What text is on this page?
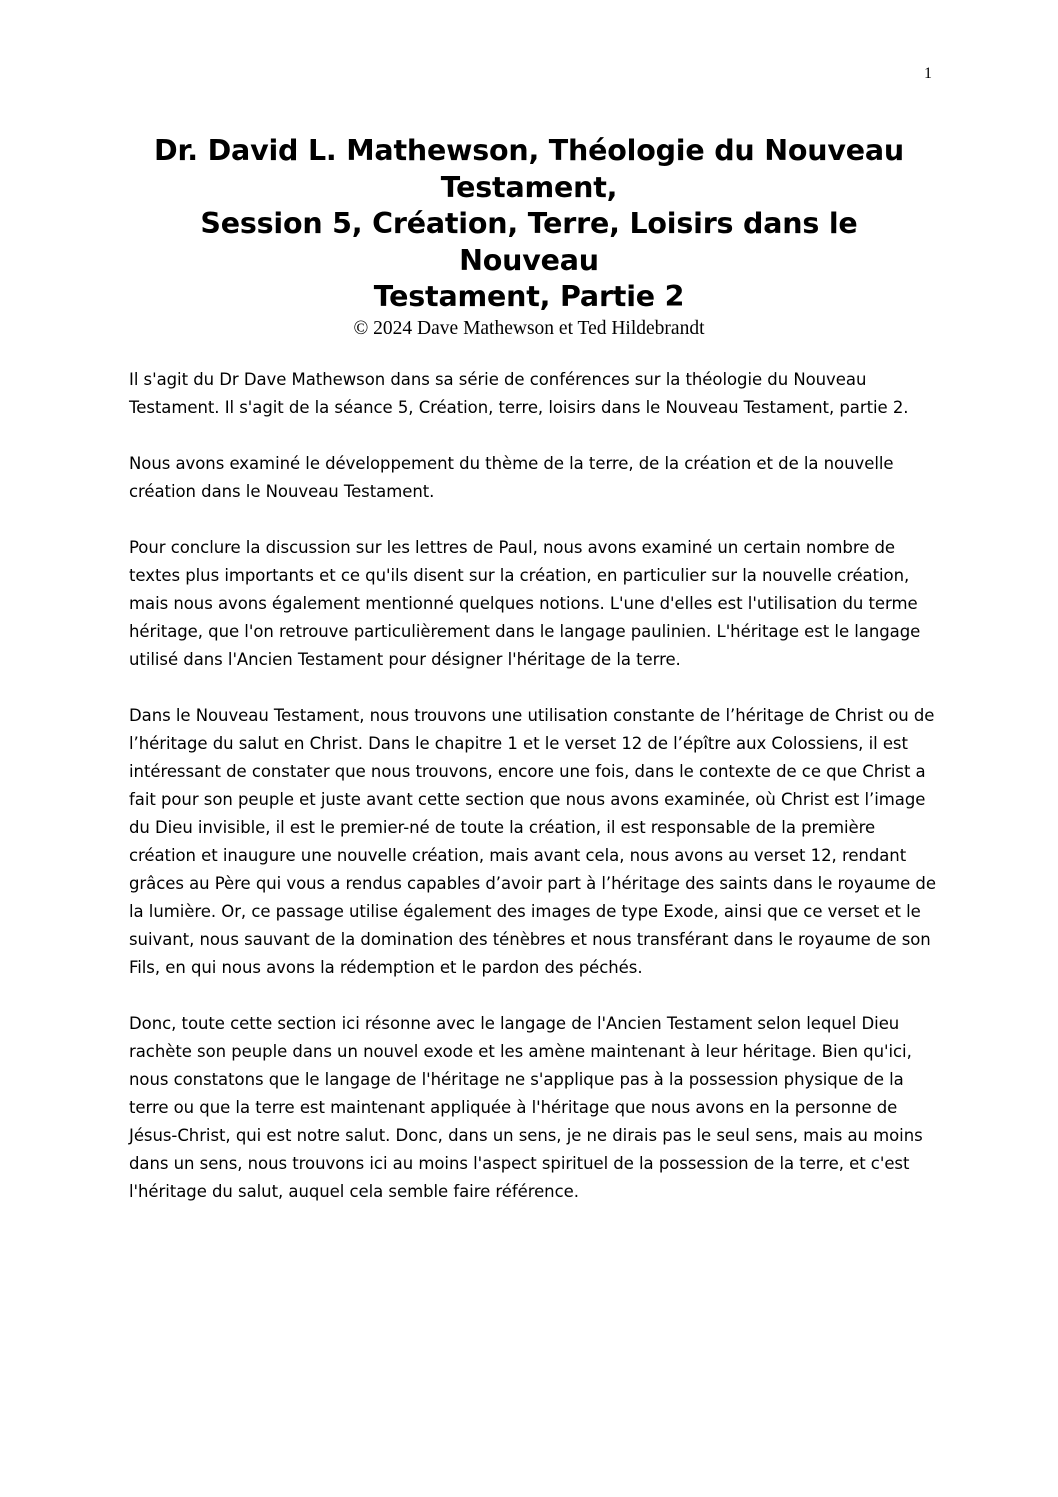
1
Dr. David L. Mathewson, Théologie du Nouveau
Testament,
Session 5, Création, Terre, Loisirs dans le Nouveau
Testament, Partie 2
© 2024 Dave Mathewson et Ted Hildebrandt

Il s'agit du Dr Dave Mathewson dans sa série de conférences sur la théologie du Nouveau Testament. Il s'agit de la séance 5, Création, terre, loisirs dans le Nouveau Testament, partie 2.

Nous avons examiné le développement du thème de la terre, de la création et de la nouvelle création dans le Nouveau Testament.

Pour conclure la discussion sur les lettres de Paul, nous avons examiné un certain nombre de textes plus importants et ce qu'ils disent sur la création, en particulier sur la nouvelle création, mais nous avons également mentionné quelques notions. L'une d'elles est l'utilisation du terme héritage, que l'on retrouve particulièrement dans le langage paulinien. L'héritage est le langage utilisé dans l'Ancien Testament pour désigner l'héritage de la terre.

Dans le Nouveau Testament, nous trouvons une utilisation constante de l’héritage de Christ ou de l’héritage du salut en Christ. Dans le chapitre 1 et le verset 12 de l’épître aux Colossiens, il est intéressant de constater que nous trouvons, encore une fois, dans le contexte de ce que Christ a fait pour son peuple et juste avant cette section que nous avons examinée, où Christ est l’image du Dieu invisible, il est le premier-né de toute la création, il est responsable de la première création et inaugure une nouvelle création, mais avant cela, nous avons au verset 12, rendant grâces au Père qui vous a rendus capables d’avoir part à l’héritage des saints dans le royaume de la lumière. Or, ce passage utilise également des images de type Exode, ainsi que ce verset et le suivant, nous sauvant de la domination des ténèbres et nous transférant dans le royaume de son Fils, en qui nous avons la rédemption et le pardon des péchés.

Donc, toute cette section ici résonne avec le langage de l'Ancien Testament selon lequel Dieu rachète son peuple dans un nouvel exode et les amène maintenant à leur héritage. Bien qu'ici, nous constatons que le langage de l'héritage ne s'applique pas à la possession physique de la terre ou que la terre est maintenant appliquée à l'héritage que nous avons en la personne de Jésus-Christ, qui est notre salut. Donc, dans un sens, je ne dirais pas le seul sens, mais au moins dans un sens, nous trouvons ici au moins l'aspect spirituel de la possession de la terre, et c'est l'héritage du salut, auquel cela semble faire référence.
